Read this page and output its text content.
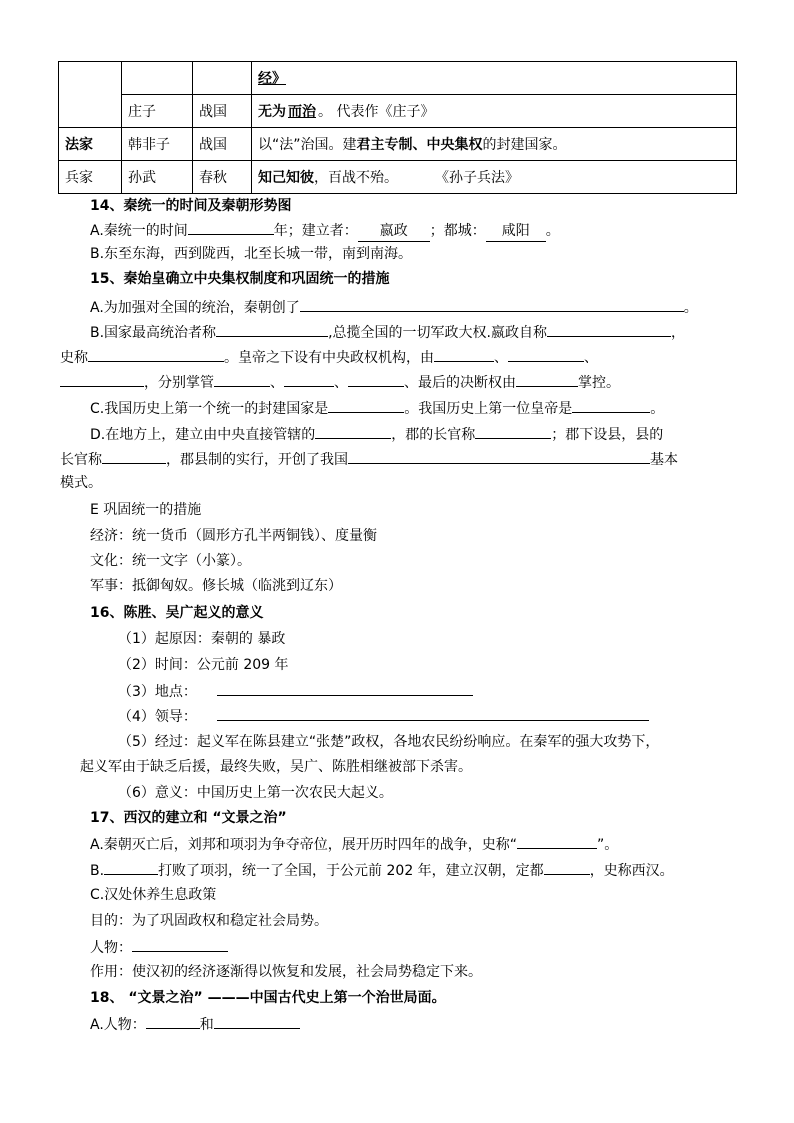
			经》
	庄子	战国	无为 而治 。 代表作《庄子》
法家	韩非子	战国	以“法”治国。建君主专制、中央集权的封建国家。
兵家	孙武	春秋	知己知彼，百战不殆。 《孙子兵法》
14、秦统一的时间及秦朝形势图
A.秦统一的时间	年；建立者： 嬴政 ；都城： 咸阳 。
B.东至东海，西到陇西，北至长城一带，南到南海。
15、秦始皇确立中央集权制度和巩固统一的措施
A.为加强对全国的统治，秦朝创了	。
B.国家最高统治者称	,总揽全国的一切军政大权.嬴政自称	，
史称	。皇帝之下设有中央政权机构，由	、	、
，分别掌管	、	、	、最后的决断权由	掌控。
C.我国历史上第一个统一的封建国家是	。我国历史上第一位皇帝是	。
D.在地方上，建立由中央直接管辖的	，郡的长官称	；郡下设县，县的
长官称	，郡县制的实行，开创了我国	基本
模式。
E 巩固统一的措施
经济：统一货币（圆形方孔半两铜钱）、度量衡
文化：统一文字（小篆）。
军事：抵御匈奴。修长城（临洮到辽东）
16、陈胜、吴广起义的意义
（1）起原因：秦朝的 暴政
（2）时间：公元前 209 年
（3）地点：
（4）领导：
（5）经过：起义军在陈县建立“张楚”政权，各地农民纷纷响应。在秦军的强大攻势下，
起义军由于缺乏后援，最终失败，吴广、陈胜相继被部下杀害。
（6）意义：中国历史上第一次农民大起义。
17、西汉的建立和 “文景之治”
A.秦朝灭亡后，刘邦和项羽为争夺帝位，展开历时四年的战争，史称“	”。
B.	打败了项羽，统一了全国，于公元前 202 年，建立汉朝，定都	，史称西汉。
C.汉处休养生息政策
目的：为了巩固政权和稳定社会局势。
人物：
作用：使汉初的经济逐渐得以恢复和发展，社会局势稳定下来。
18、 “文景之治” ———中国古代史上第一个治世局面。
A.人物：	和
